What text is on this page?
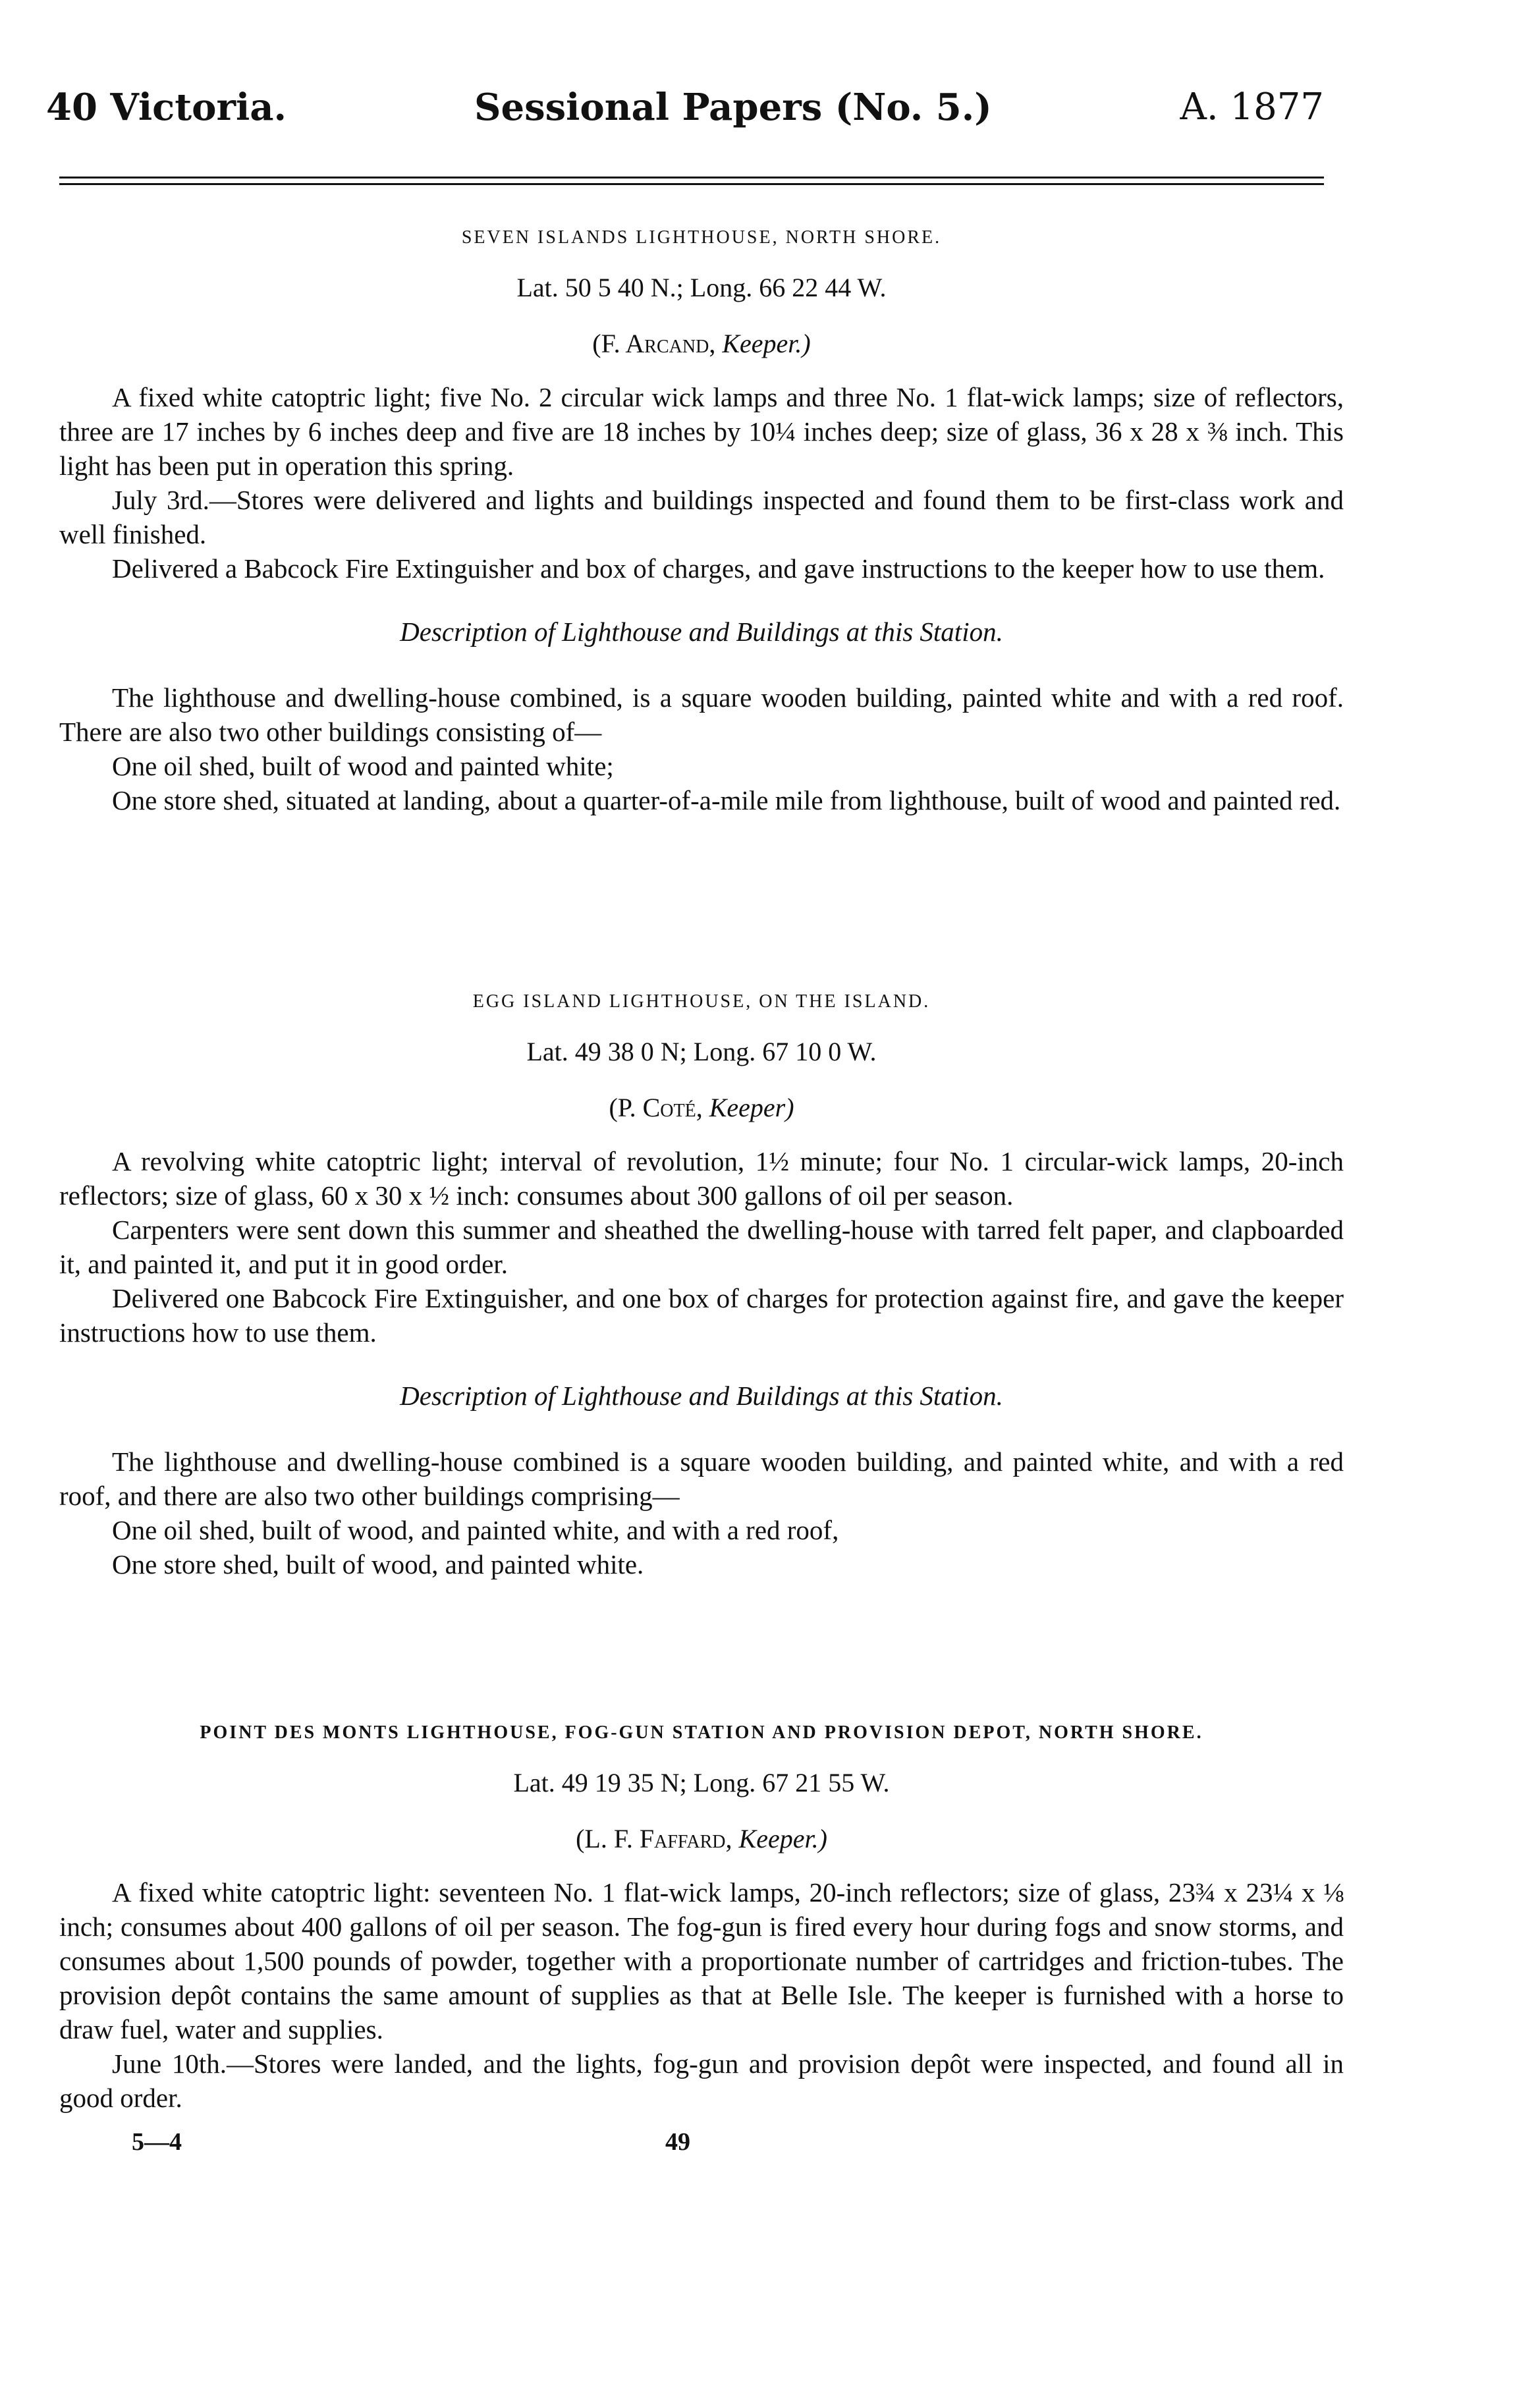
40 Victoria.	Sessional Papers (No. 5.)	A. 1877
SEVEN ISLANDS LIGHTHOUSE, NORTH SHORE.
Lat. 50 5 40 N.; Long. 66 22 44 W.
(F. Arcand, Keeper.)

A fixed white catoptric light; five No. 2 circular wick lamps and three No. 1 flat-wick lamps; size of reflectors, three are 17 inches by 6 inches deep and five are 18 inches by 10¼ inches deep; size of glass, 36 x 28 x ⅜ inch. This light has been put in operation this spring.

July 3rd.—Stores were delivered and lights and buildings inspected and found them to be first-class work and well finished.

Delivered a Babcock Fire Extinguisher and box of charges, and gave instructions to the keeper how to use them.

Description of Lighthouse and Buildings at this Station.

The lighthouse and dwelling-house combined, is a square wooden building, painted white and with a red roof. There are also two other buildings consisting of—

One oil shed, built of wood and painted white;

One store shed, situated at landing, about a quarter-of-a-mile mile from lighthouse, built of wood and painted red.

EGG ISLAND LIGHTHOUSE, ON THE ISLAND.
Lat. 49 38 0 N; Long. 67 10 0 W.
(P. Coté, Keeper)

A revolving white catoptric light; interval of revolution, 1½ minute; four No. 1 circular-wick lamps, 20-inch reflectors; size of glass, 60 x 30 x ½ inch: consumes about 300 gallons of oil per season.

Carpenters were sent down this summer and sheathed the dwelling-house with tarred felt paper, and clapboarded it, and painted it, and put it in good order.

Delivered one Babcock Fire Extinguisher, and one box of charges for protection against fire, and gave the keeper instructions how to use them.

Description of Lighthouse and Buildings at this Station.

The lighthouse and dwelling-house combined is a square wooden building, and painted white, and with a red roof, and there are also two other buildings comprising—

One oil shed, built of wood, and painted white, and with a red roof,

One store shed, built of wood, and painted white.

POINT DES MONTS LIGHTHOUSE, FOG-GUN STATION AND PROVISION DEPOT, NORTH SHORE.
Lat. 49 19 35 N; Long. 67 21 55 W.
(L. F. Faffard, Keeper.)

A fixed white catoptric light: seventeen No. 1 flat-wick lamps, 20-inch reflectors; size of glass, 23¾ x 23¼ x ⅛ inch; consumes about 400 gallons of oil per season. The fog-gun is fired every hour during fogs and snow storms, and consumes about 1,500 pounds of powder, together with a proportionate number of cartridges and friction-tubes. The provision depôt contains the same amount of supplies as that at Belle Isle. The keeper is furnished with a horse to draw fuel, water and supplies.

June 10th.—Stores were landed, and the lights, fog-gun and provision depôt were inspected, and found all in good order.

5—4	49
